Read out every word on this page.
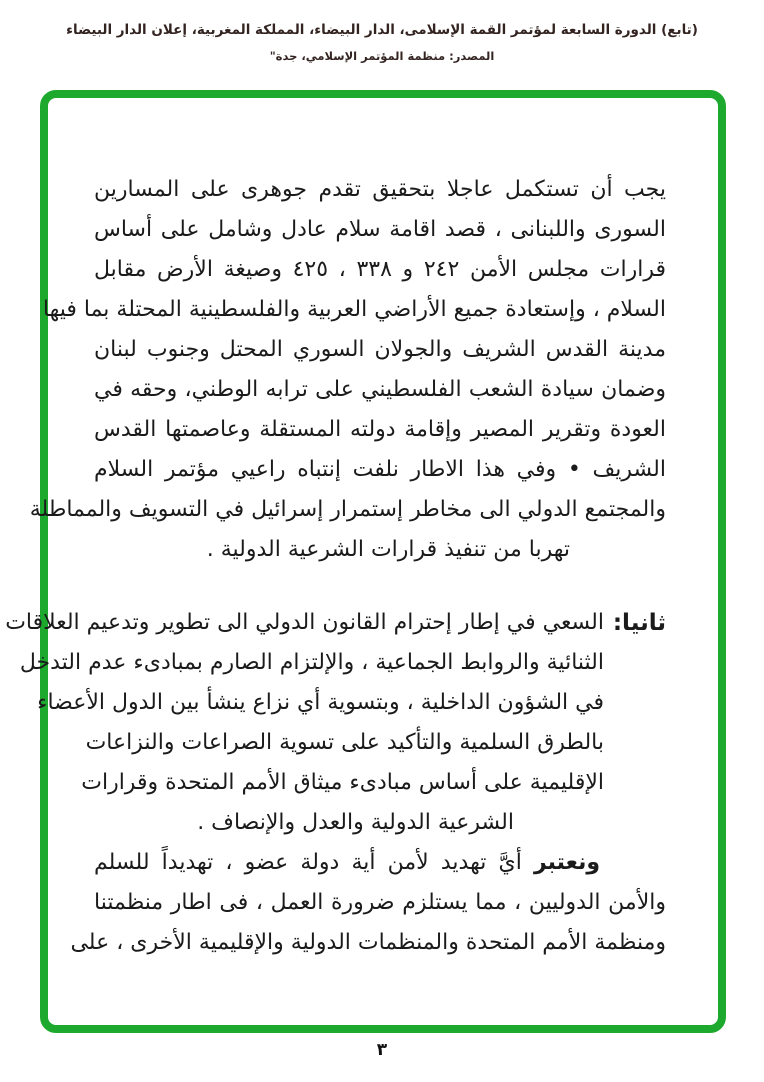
(تابع) الدورة السابعة لمؤتمر القمة الإسلامى، الدار البيضاء، المملكة المغربية، إعلان الدار البيضاء
المصدر: منظمة المؤتمر الإسلامي، جدة"
يجب أن تستكمل عاجلا بتحقيق تقدم جوهرى على المسارين
السورى واللبنانى ، قصد اقامة سلام عادل وشامل على أساس
قرارات مجلس الأمن ٢٤٢ و ٣٣٨ ، ٤٢٥ وصيغة الأرض مقابل
السلام ، وإستعادة جميع الأراضي العربية والفلسطينية المحتلة بما فيها
مدينة القدس الشريف والجولان السوري المحتل وجنوب لبنان
وضمان سيادة الشعب الفلسطيني على ترابه الوطني، وحقه في
العودة وتقرير المصير وإقامة دولته المستقلة وعاصمتها القدس
الشريف • وفي هذا الاطار نلفت إنتباه راعيي مؤتمر السلام
والمجتمع الدولي الى مخاطر إستمرار إسرائيل في التسويف والمماطلة
تهربا من تنفيذ قرارات الشرعية الدولية .
ثانيا:
السعي في إطار إحترام القانون الدولي الى تطوير وتدعيم العلاقات
الثنائية والروابط الجماعية ، والإلتزام الصارم بمبادىء عدم التدخل
في الشؤون الداخلية ، وبتسوية أي نزاع ينشأ بين الدول الأعضاء
بالطرق السلمية والتأكيد على تسوية الصراعات والنزاعات
الإقليمية على أساس مبادىء ميثاق الأمم المتحدة وقرارات
الشرعية الدولية والعدل والإنصاف .
ونعتبر أيَّ تهديد لأمن أية دولة عضو ، تهديداً للسلم
والأمن الدوليين ، مما يستلزم ضرورة العمل ، فى اطار منظمتنا
ومنظمة الأمم المتحدة والمنظمات الدولية والإقليمية الأخرى ، على
٣
